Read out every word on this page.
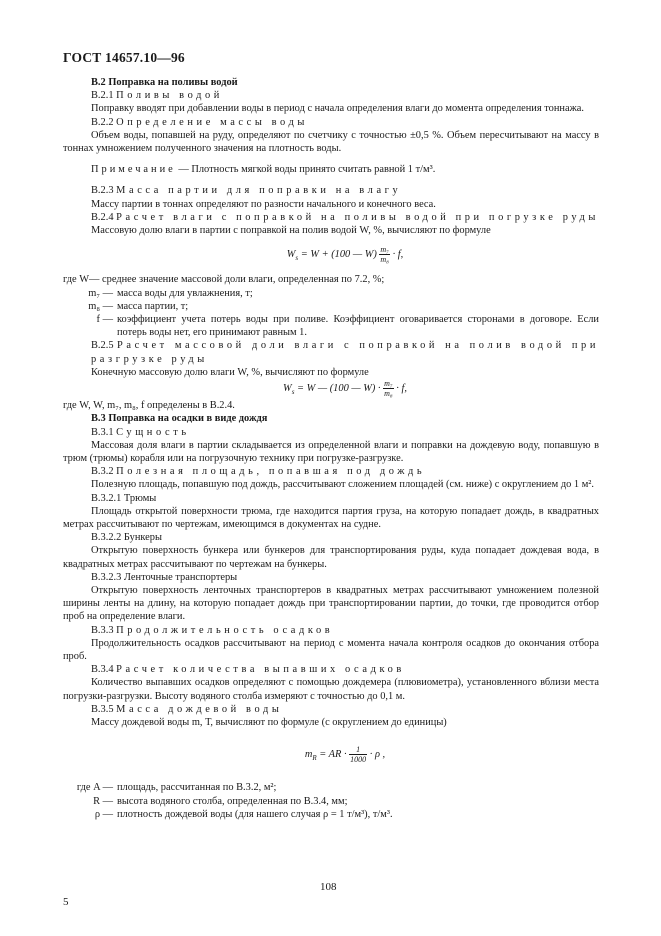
ГОСТ 14657.10—96

В.2 Поправка на поливы водой

В.2.1 Поливы водой

Поправку вводят при добавлении воды в период с начала определения влаги до момента определения тоннажа.

В.2.2 Определение массы воды

Объем воды, попавшей на руду, определяют по счетчику с точностью ±0,5 %. Объем пересчитывают на массу в тоннах умножением полученного значения на плотность воды.

Примечание — Плотность мягкой воды принято считать равной 1 т/м³.

В.2.3 Масса партии для поправки на влагу

Массу партии в тоннах определяют по разности начального и конечного веса.

В.2.4 Расчет влаги с поправкой на поливы водой при погрузке руды

Массовую долю влаги в партии с поправкой на полив водой W, %, вычисляют по формуле

$W_s = W + (100$ — $W) \frac{\text{m₇}}{\text{m₈}} \cdot f$,

где W— среднее значение массовой доли влаги, определенная по 7.2, %;

m₇ — масса воды для увлажнения, т;
m₈ — масса партии, т;
f — коэффициент учета потерь воды при поливе. Коэффициент оговаривается сторонами в договоре. Если потерь воды нет, его принимают равным 1.

В.2.5 Расчет массовой доли влаги с поправкой на полив водой при разгрузке руды

Конечную массовую долю влаги W, %, вычисляют по формуле

$W_s = W$ — (100 — $W) \cdot \frac{\text{m₇}}{\text{m₈}} \cdot f$,

где W, W, m₇, m₈, f определены в В.2.4.

В.3 Поправка на осадки в виде дождя

В.3.1 Сущность

Массовая доля влаги в партии складывается из определенной влаги и поправки на дождевую воду, попавшую в трюм (трюмы) корабля или на погрузочную технику при погрузке-разгрузке.

В.3.2 Полезная площадь, попавшая под дождь

Полезную площадь, попавшую под дождь, рассчитывают сложением площадей (см. ниже) с округлением до 1 м².

В.3.2.1 Трюмы

Площадь открытой поверхности трюма, где находится партия груза, на которую попадает дождь, в квадратных метрах рассчитывают по чертежам, имеющимся в документах на судне.

В.3.2.2 Бункеры

Открытую поверхность бункера или бункеров для транспортирования руды, куда попадает дождевая вода, в квадратных метрах рассчитывают по чертежам на бункеры.

В.3.2.3 Ленточные транспортеры

Открытую поверхность ленточных транспортеров в квадратных метрах рассчитывают умножением полезной ширины ленты на длину, на которую попадает дождь при транспортировании партии, до точки, где проводится отбор проб на определение влаги.

В.3.3 Продолжительность осадков

Продолжительность осадков рассчитывают на период с момента начала контроля осадков до окончания отбора проб.

В.3.4 Расчет количества выпавших осадков

Количество выпавших осадков определяют с помощью дождемера (плювиометра), установленного вблизи места погрузки-разгрузки. Высоту водяного столба измеряют с точностью до 0,1 м.

В.3.5 Масса дождевой воды

Массу дождевой воды m, Т, вычисляют по формуле (с округлением до единицы)

$m_R$ = AR · $\frac{1}{1000} \cdot \rho$ ,

где A — площадь, рассчитанная по В.3.2, м²;
R — высота водяного столба, определенная по В.3.4, мм;
ρ — плотность дождевой воды (для нашего случая ρ = 1 т/м³), т/м³.
108
5
